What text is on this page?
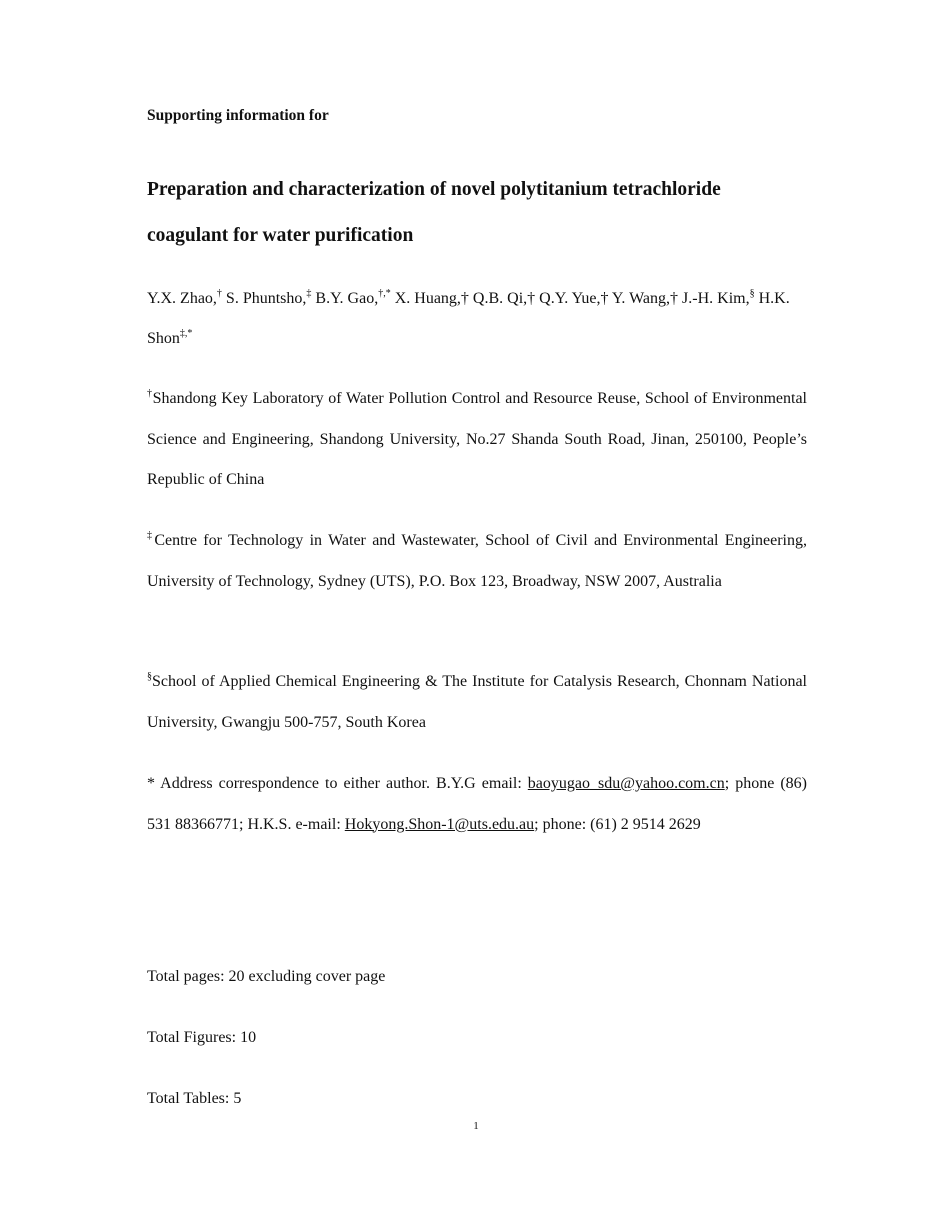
Supporting information for
Preparation and characterization of novel polytitanium tetrachloride
coagulant for water purification
Y.X. Zhao,† S. Phuntsho,‡ B.Y. Gao,†,* X. Huang,† Q.B. Qi,† Q.Y. Yue,† Y. Wang,† J.-H. Kim,§ H.K. Shon‡,*
†Shandong Key Laboratory of Water Pollution Control and Resource Reuse, School of Environmental Science and Engineering, Shandong University, No.27 Shanda South Road, Jinan, 250100, People’s Republic of China
‡Centre for Technology in Water and Wastewater, School of Civil and Environmental Engineering, University of Technology, Sydney (UTS), P.O. Box 123, Broadway, NSW 2007, Australia
§School of Applied Chemical Engineering & The Institute for Catalysis Research, Chonnam National University, Gwangju 500-757, South Korea
* Address correspondence to either author. B.Y.G email: baoyugao_sdu@yahoo.com.cn; phone (86) 531 88366771; H.K.S. e-mail: Hokyong.Shon-1@uts.edu.au; phone: (61) 2 9514 2629
Total pages: 20 excluding cover page
Total Figures: 10
Total Tables: 5
1
